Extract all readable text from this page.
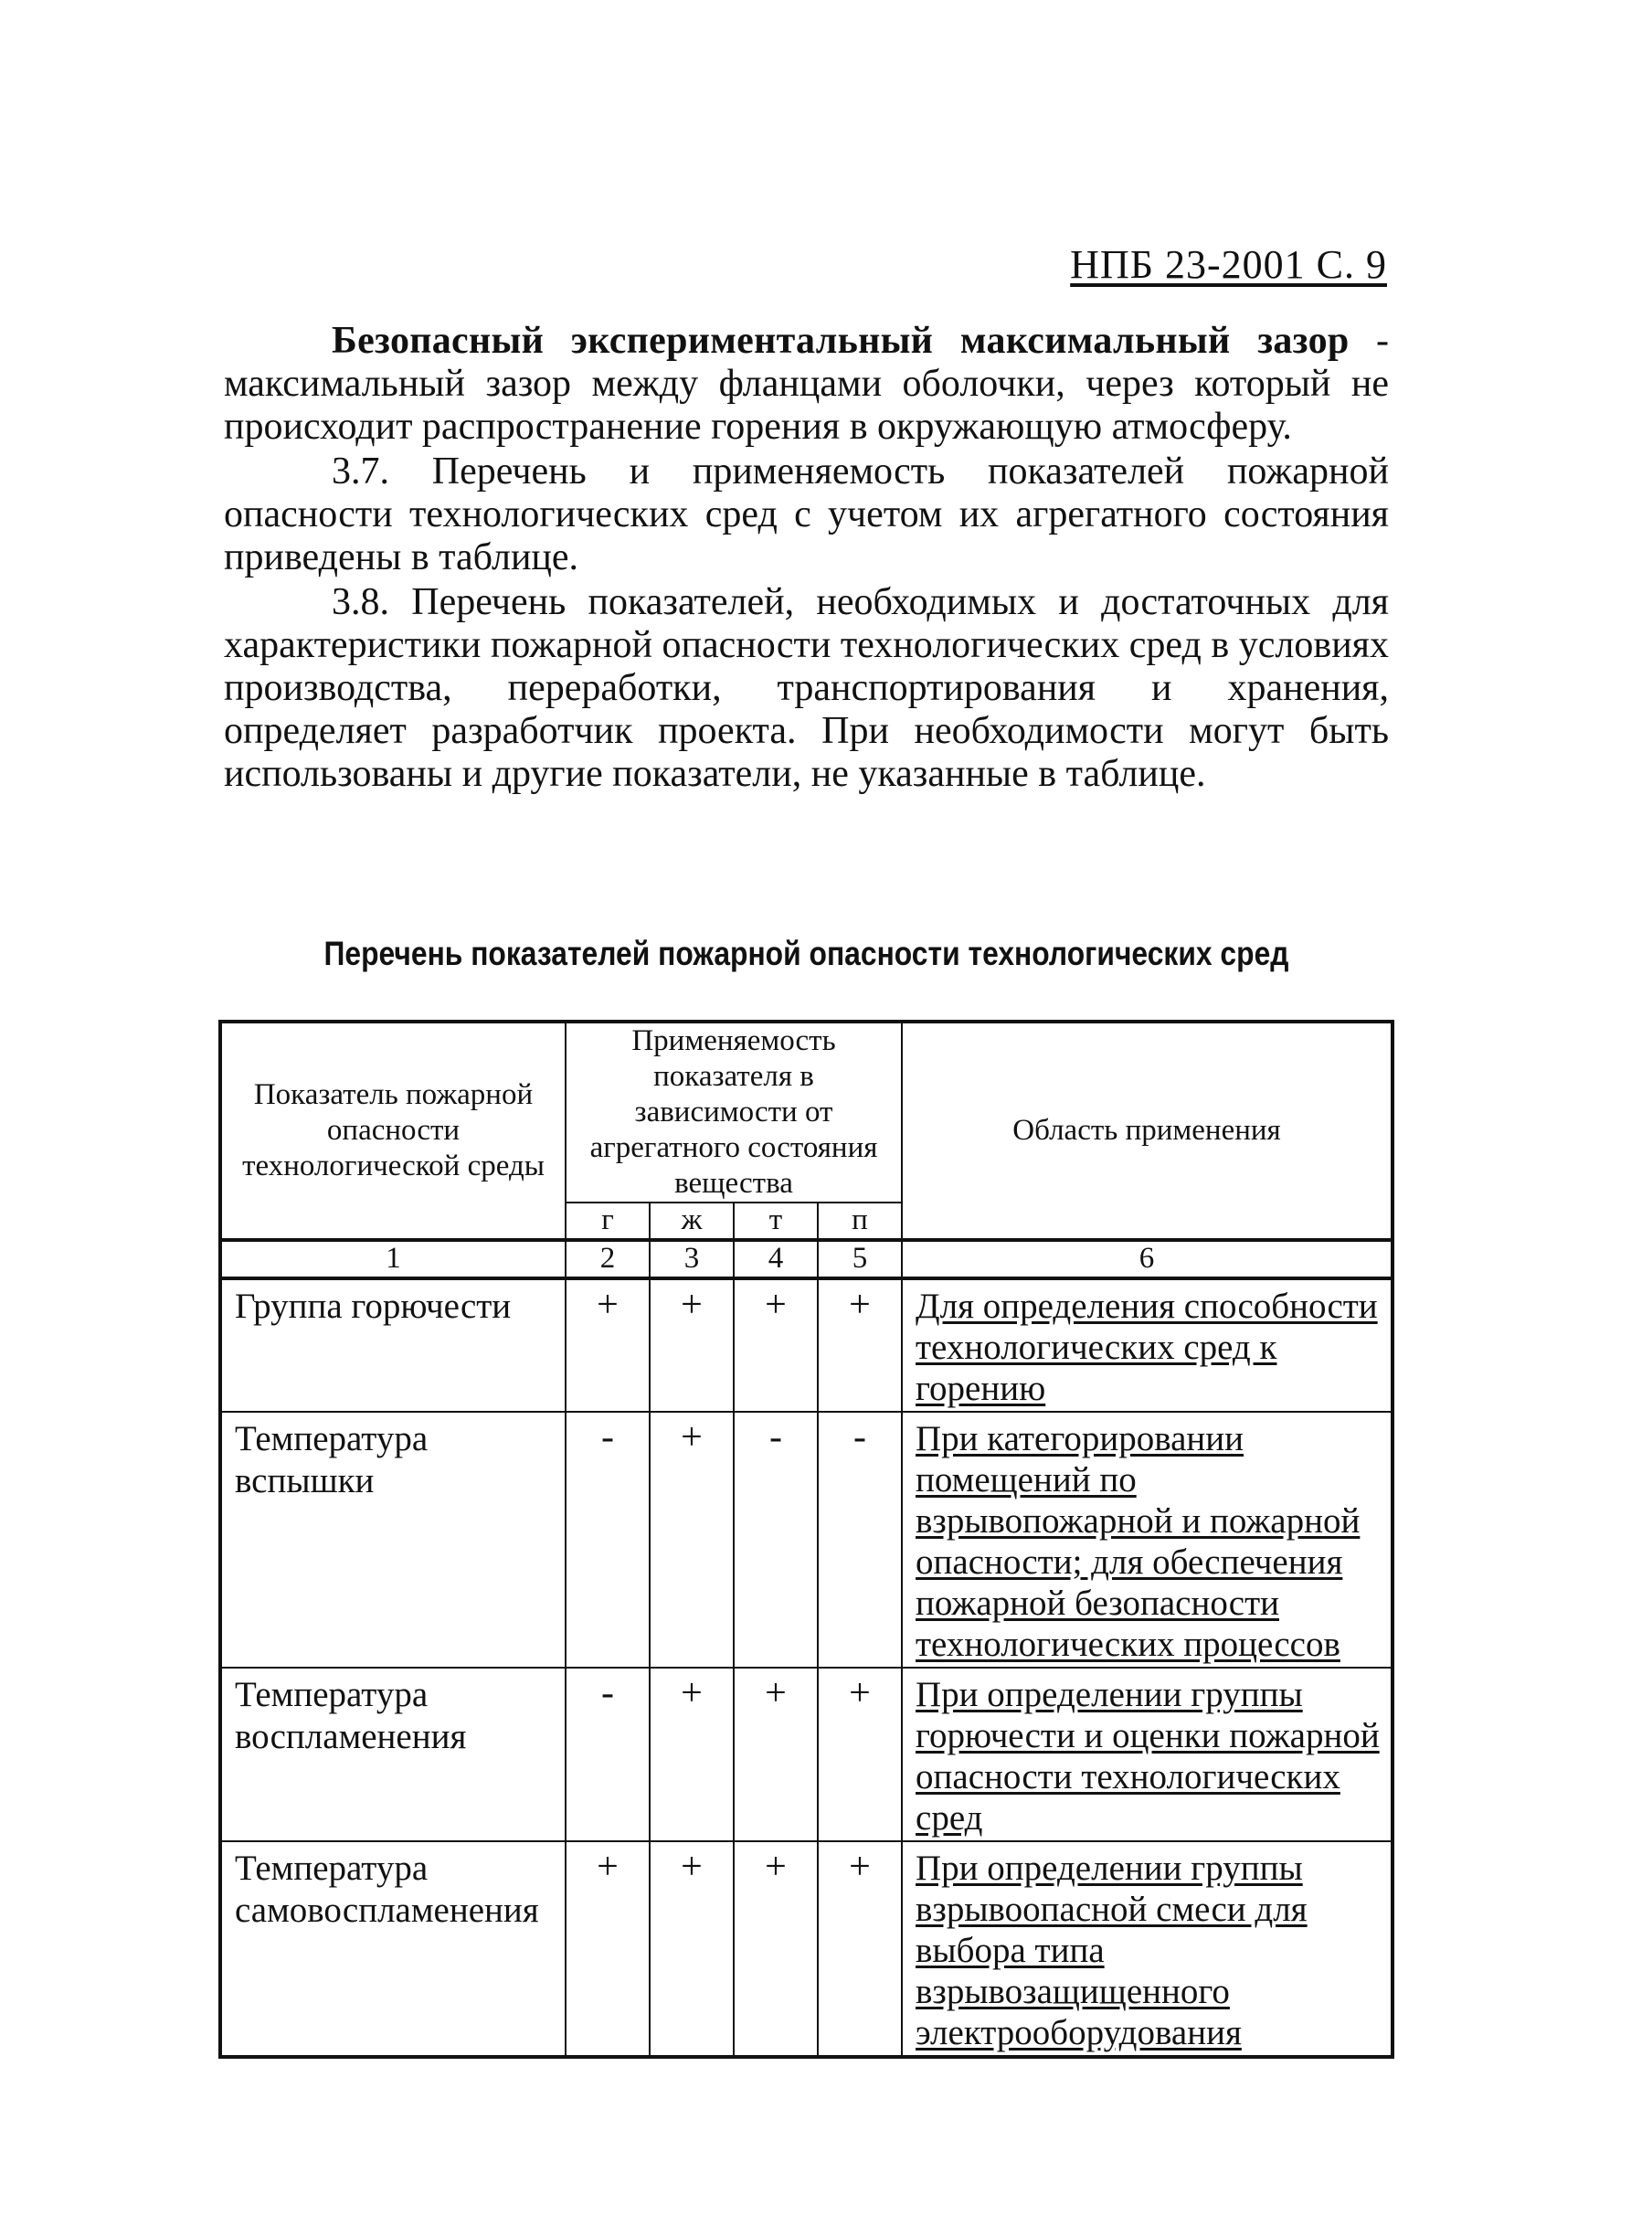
НПБ 23-2001 С. 9

Безопасный экспериментальный максимальный зазор - максимальный зазор между фланцами оболочки, через который не происходит распространение горения в окружающую атмосферу.

3.7. Перечень и применяемость показателей пожарной опасности технологических сред с учетом их агрегатного состояния приведены в таблице.

3.8. Перечень показателей, необходимых и достаточных для характеристики пожарной опасности технологических сред в условиях производства, переработки, транспортирования и хранения, определяет разработчик проекта. При необходимости могут быть использованы и другие показатели, не указанные в таблице.

Перечень показателей пожарной опасности технологических сред
Показатель пожарной опасности технологической среды	Применяемость показателя в зависимости от агрегатного состояния вещества				Область применения
	г	ж	т	п	
1	2	3	4	5	6
Группа горючести	+	+	+	+	Для определения способности технологических сред к горению
Температура вспышки	-	+	-	-	При категорировании помещений по взрывопожарной и пожарной опасности; для обеспечения пожарной безопасности технологических процессов
Температура воспламенения	-	+	+	+	При определении группы горючести и оценки пожарной опасности технологических сред
Температура самовоспламенения	+	+	+	+	При определении группы взрывоопасной смеси для выбора типа взрывозащищенного электрооборудования
